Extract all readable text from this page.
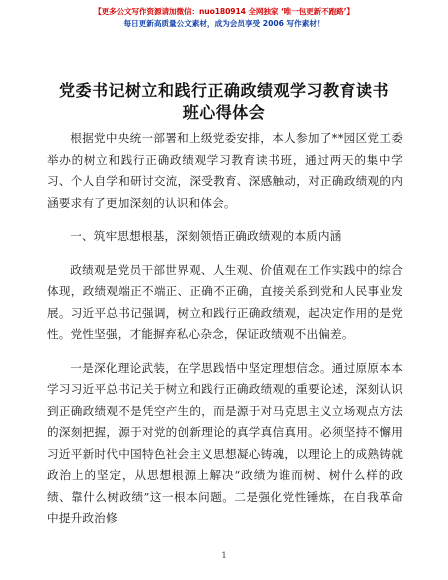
【更多公文写作资源请加微信：nuo180914 全网独家 ‘唯一包更新不跑路’】
每日更新高质量公文素材，成为会员享受 2006 写作素材！
党委书记树立和践行正确政绩观学习教育读书班心得体会

根据党中央统一部署和上级党委安排，本人参加了**园区党工委举办的树立和践行正确政绩观学习教育读书班，通过两天的集中学习、个人自学和研讨交流，深受教育、深感触动，对正确政绩观的内涵要求有了更加深刻的认识和体会。

一、筑牢思想根基，深刻领悟正确政绩观的本质内涵

政绩观是党员干部世界观、人生观、价值观在工作实践中的综合体现，政绩观端正不端正、正确不正确，直接关系到党和人民事业发展。习近平总书记强调，树立和践行正确政绩观，起决定作用的是党性。党性坚强，才能摒弃私心杂念，保证政绩观不出偏差。

一是深化理论武装，在学思践悟中坚定理想信念。通过原原本本学习习近平总书记关于树立和践行正确政绩观的重要论述，深刻认识到正确政绩观不是凭空产生的，而是源于对马克思主义立场观点方法的深刻把握，源于对党的创新理论的真学真信真用。必须坚持不懈用习近平新时代中国特色社会主义思想凝心铸魂，以理论上的成熟铸就政治上的坚定，从思想根源上解决“政绩为谁而树、树什么样的政绩、靠什么树政绩”这一根本问题。二是强化党性锤炼，在自我革命中提升政治修

1
